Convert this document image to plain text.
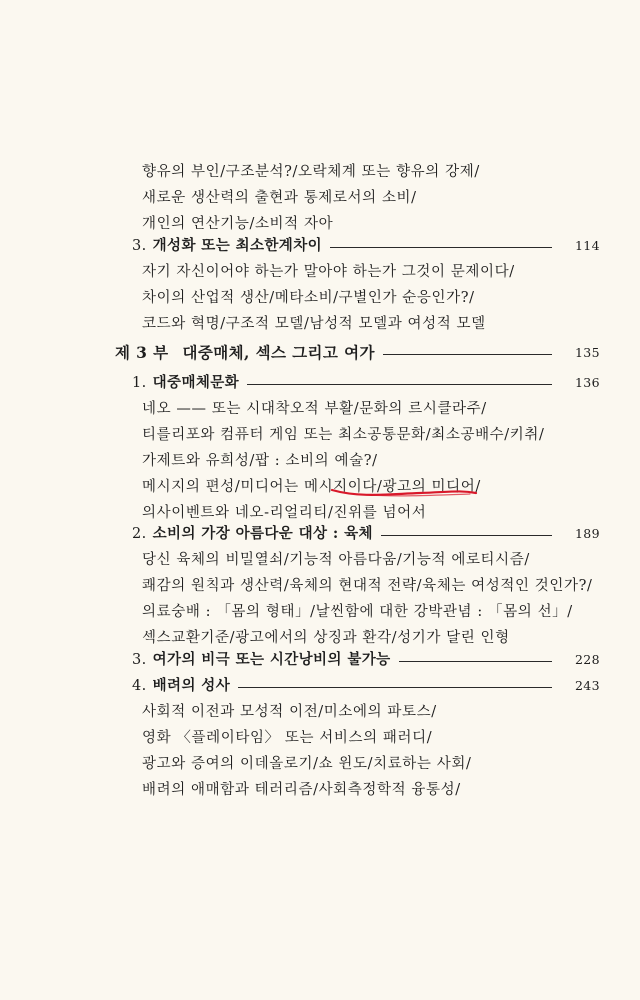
향유의 부인/구조분석?/오락체계 또는 향유의 강제/
새로운 생산력의 출현과 통제로서의 소비/
개인의 연산기능/소비적 자아
3. 개성화 또는 최소한계차이	114
자기 자신이어야 하는가 말아야 하는가 그것이 문제이다/
차이의 산업적 생산/메타소비/구별인가 순응인가?/
코드와 혁명/구조적 모델/남성적 모델과 여성적 모델
제 3 부 대중매체, 섹스 그리고 여가	135
1. 대중매체문화	136
네오 —— 또는 시대착오적 부활/문화의 르시클라주/
티를리포와 컴퓨터 게임 또는 최소공통문화/최소공배수/키취/
가제트와 유희성/팝 : 소비의 예술?/
메시지의 편성/미디어는 메시지이다/광고의 미디어/
의사이벤트와 네오-리얼리티/진위를 넘어서
2. 소비의 가장 아름다운 대상 : 육체	189
당신 육체의 비밀열쇠/기능적 아름다움/기능적 에로티시즘/
쾌감의 원칙과 생산력/육체의 현대적 전략/육체는 여성적인 것인가?/
의료숭배 : 「몸의 형태」/날씬함에 대한 강박관념 : 「몸의 선」/
섹스교환기준/광고에서의 상징과 환각/성기가 달린 인형
3. 여가의 비극 또는 시간낭비의 불가능	228
4. 배려의 성사	243
사회적 이전과 모성적 이전/미소에의 파토스/
영화 〈플레이타임〉 또는 서비스의 패러디/
광고와 증여의 이데올로기/쇼 윈도/치료하는 사회/
배려의 애매함과 테러리즘/사회측정학적 융통성/
